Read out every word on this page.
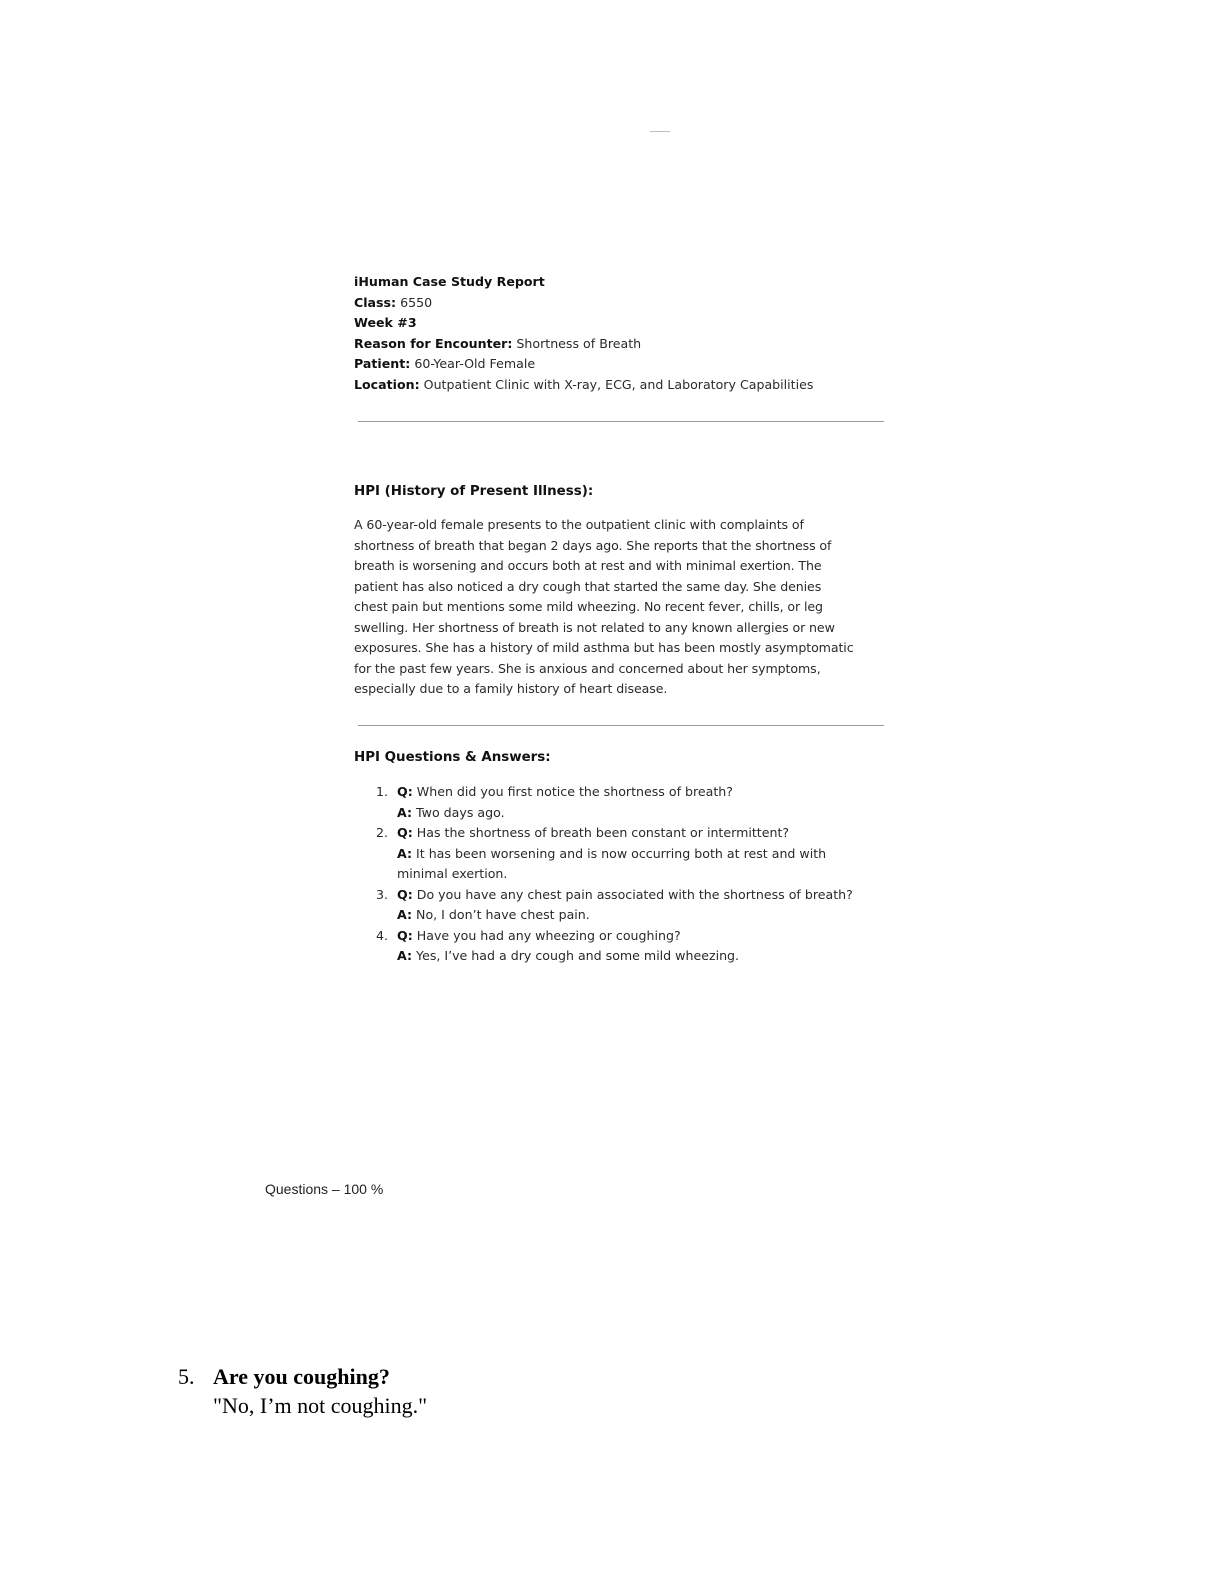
iHuman Case Study Report
Class: 6550
Week #3
Reason for Encounter: Shortness of Breath
Patient: 60-Year-Old Female
Location: Outpatient Clinic with X-ray, ECG, and Laboratory Capabilities
HPI (History of Present Illness):
A 60-year-old female presents to the outpatient clinic with complaints of
shortness of breath that began 2 days ago. She reports that the shortness of
breath is worsening and occurs both at rest and with minimal exertion. The
patient has also noticed a dry cough that started the same day. She denies
chest pain but mentions some mild wheezing. No recent fever, chills, or leg
swelling. Her shortness of breath is not related to any known allergies or new
exposures. She has a history of mild asthma but has been mostly asymptomatic
for the past few years. She is anxious and concerned about her symptoms,
especially due to a family history of heart disease.
HPI Questions & Answers:
1. Q: When did you first notice the shortness of breath?
A: Two days ago.
2. Q: Has the shortness of breath been constant or intermittent?
A: It has been worsening and is now occurring both at rest and with
minimal exertion.
3. Q: Do you have any chest pain associated with the shortness of breath?
A: No, I don’t have chest pain.
4. Q: Have you had any wheezing or coughing?
A: Yes, I’ve had a dry cough and some mild wheezing.
Questions – 100 %
5. Are you coughing?
"No, I’m not coughing."
